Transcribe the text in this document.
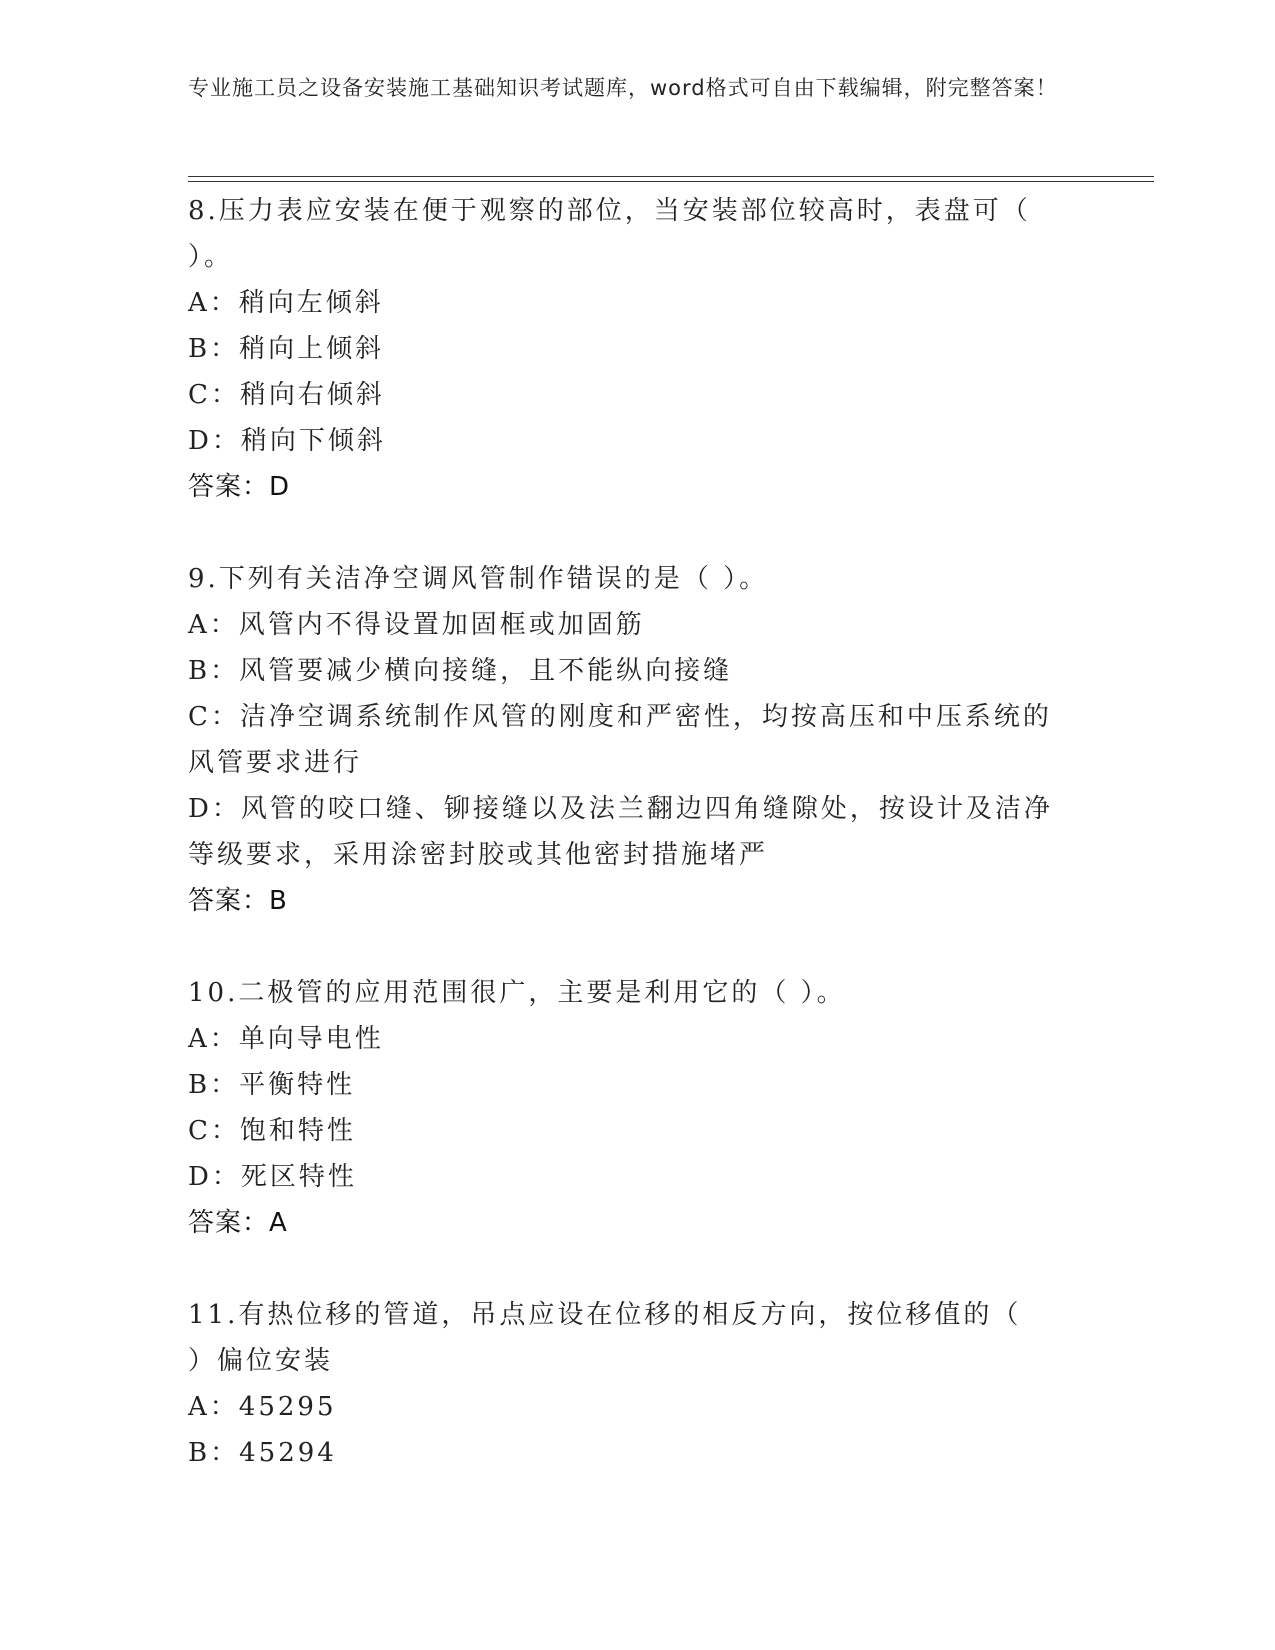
专业施工员之设备安装施工基础知识考试题库，word格式可自由下载编辑，附完整答案！
8.压力表应安装在便于观察的部位，当安装部位较高时，表盘可（ ）。
A：稍向左倾斜
B：稍向上倾斜
C：稍向右倾斜
D：稍向下倾斜
答案：D
9.下列有关洁净空调风管制作错误的是（ ）。
A：风管内不得设置加固框或加固筋
B：风管要减少横向接缝，且不能纵向接缝
C：洁净空调系统制作风管的刚度和严密性，均按高压和中压系统的风管要求进行
D：风管的咬口缝、铆接缝以及法兰翻边四角缝隙处，按设计及洁净等级要求，采用涂密封胶或其他密封措施堵严
答案：B
10.二极管的应用范围很广，主要是利用它的（ ）。
A：单向导电性
B：平衡特性
C：饱和特性
D：死区特性
答案：A
11.有热位移的管道，吊点应设在位移的相反方向，按位移值的（ ）偏位安装
A：45295
B：45294
